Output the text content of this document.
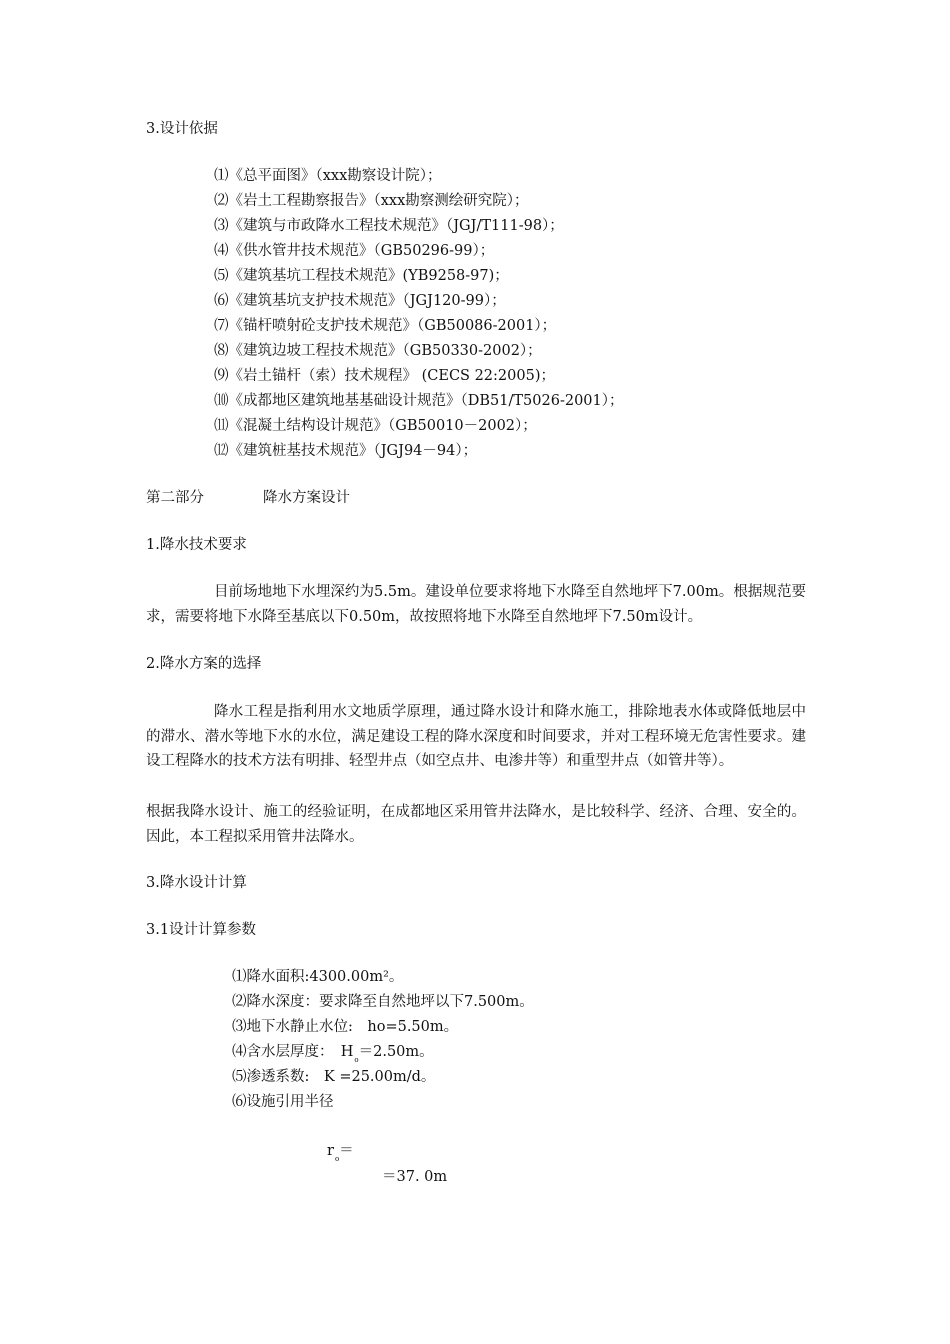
3.设计依据
⑴《总平面图》（xxx勘察设计院）；
⑵《岩土工程勘察报告》（xxx勘察测绘研究院）；
⑶《建筑与市政降水工程技术规范》（JGJ/T111-98）；
⑷《供水管井技术规范》（GB50296-99）；
⑸《建筑基坑工程技术规范》(YB9258-97)；
⑹《建筑基坑支护技术规范》（JGJ120-99）；
⑺《锚杆喷射砼支护技术规范》（GB50086-2001）；
⑻《建筑边坡工程技术规范》（GB50330-2002）；
⑼《岩土锚杆（索）技术规程》 (CECS 22:2005)；
⑽《成都地区建筑地基基础设计规范》（DB51/T5026-2001）；
⑾《混凝土结构设计规范》（GB50010－2002）；
⑿《建筑桩基技术规范》（JGJ94－94）；
第二部分	降水方案设计
1.降水技术要求
目前场地地下水埋深约为5.5m。建设单位要求将地下水降至自然地坪下7.00m。根据规范要求，需要将地下水降至基底以下0.50m，故按照将地下水降至自然地坪下7.50m设计。
2.降水方案的选择
降水工程是指利用水文地质学原理，通过降水设计和降水施工，排除地表水体或降低地层中的滞水、潜水等地下水的水位，满足建设工程的降水深度和时间要求，并对工程环境无危害性要求。建设工程降水的技术方法有明排、轻型井点（如空点井、电渗井等）和重型井点（如管井等）。
根据我降水设计、施工的经验证明，在成都地区采用管井法降水，是比较科学、经济、合理、安全的。因此，本工程拟采用管井法降水。
3.降水设计计算
3.1设计计算参数
⑴降水面积:4300.00m²。
⑵降水深度：要求降至自然地坪以下7.500m。
⑶地下水静止水位:　ho=5.50m。
⑷含水层厚度：　$H_o=2.50m$。
⑸渗透系数:　K =25.00m/d。
⑹设施引用半径
$r_o=$
＝37. 0m
